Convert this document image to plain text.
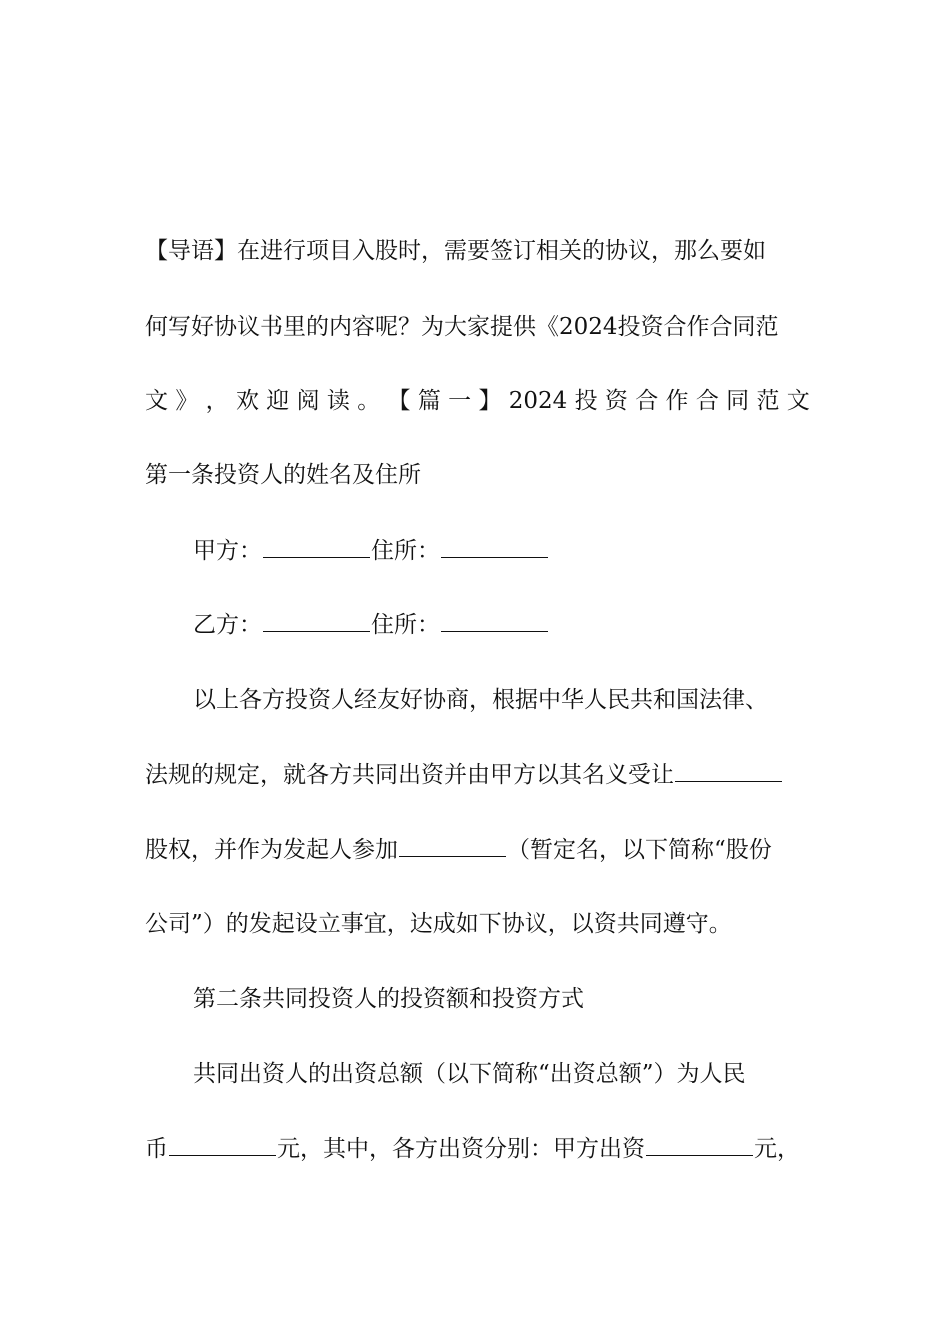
【导语】在进行项目入股时，需要签订相关的协议，那么要如
何写好协议书里的内容呢？为大家提供《2024投资合作合同范
文 》 ， 欢 迎 阅 读 。 【 篇 一 】 2024 投 资 合 作 合 同 范 文
第一条投资人的姓名及住所
甲方：	住所：
乙方：	住所：
以上各方投资人经友好协商，根据中华人民共和国法律、
法规的规定，就各方共同出资并由甲方以其名义受让
股权，并作为发起人参加	（暂定名，以下简称“股份
公司”）的发起设立事宜，达成如下协议，以资共同遵守。
第二条共同投资人的投资额和投资方式
共同出资人的出资总额（以下简称“出资总额”）为人民
币	元，其中，各方出资分别：甲方出资	元，
